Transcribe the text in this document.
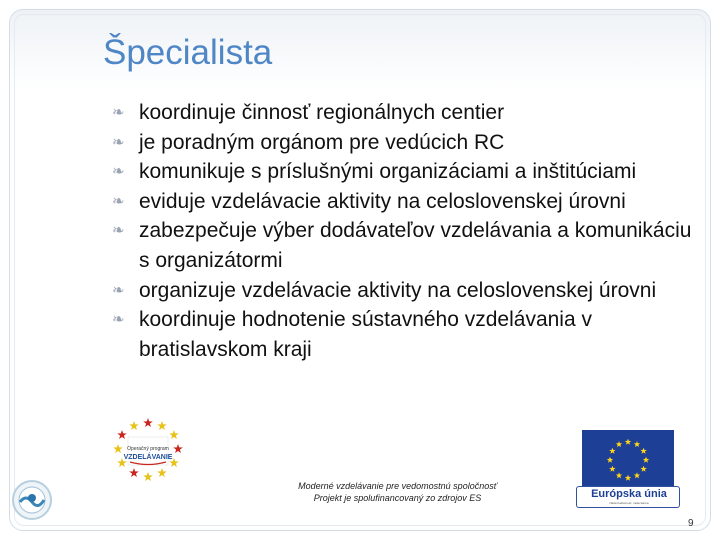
Špecialista
❧ koordinuje činnosť regionálnych centier
❧ je poradným orgánom pre vedúcich RC
❧ komunikuje s príslušnými organizáciami a inštitúciami
❧ eviduje vzdelávacie aktivity na celoslovenskej úrovni
❧ zabezpečuje výber dodávateľov vzdelávania a komunikáciu s organizátormi
❧ organizuje vzdelávacie aktivity na celoslovenskej úrovni
❧ koordinuje hodnotenie sústavného vzdelávania v bratislavskom kraji
Operačný program
VZDELÁVANIE
Moderné vzdelávanie pre vedomostnú spoločnosť
Projekt je spolufinancovaný zo zdrojov ES	Európska únia
Naša budúcnosť, naša šanca
9
